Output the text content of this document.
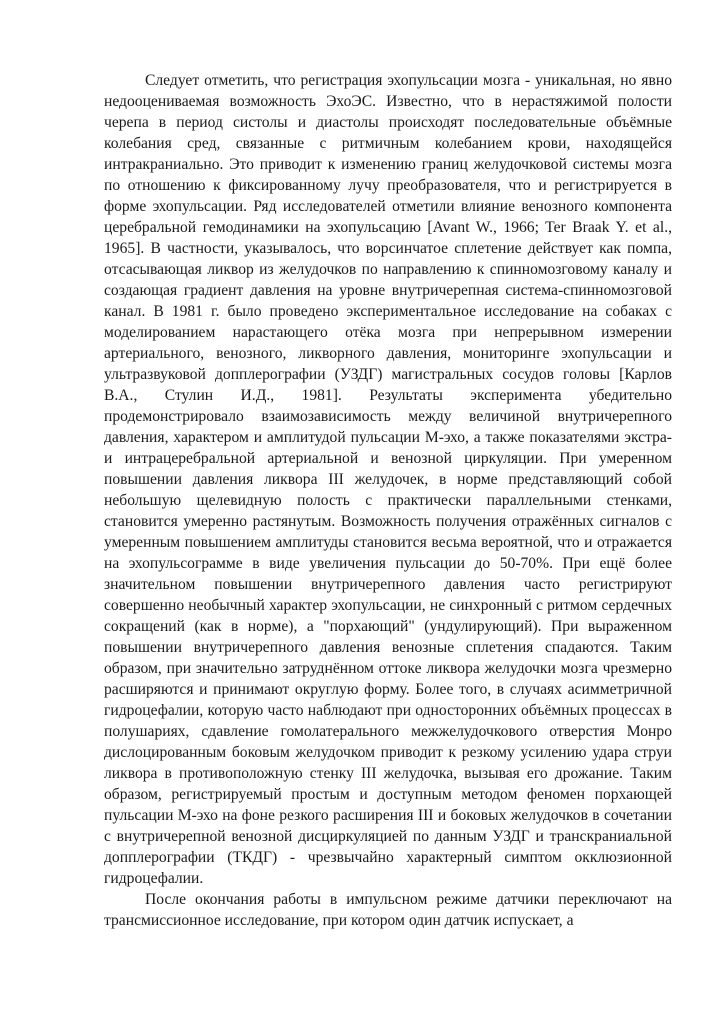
Следует отметить, что регистрация эхопульсации мозга - уникальная, но явно недооцениваемая возможность ЭхоЭС. Известно, что в нерастяжимой полости черепа в период систолы и диастолы происходят последовательные объёмные колебания сред, связанные с ритмичным колебанием крови, находящейся интракраниально. Это приводит к изменению границ желудочковой системы мозга по отношению к фиксированному лучу преобразователя, что и регистрируется в форме эхопульсации. Ряд исследователей отметили влияние венозного компонента церебральной гемодинамики на эхопульсацию [Avant W., 1966; Ter Braak Y. et al., 1965]. В частности, указывалось, что ворсинчатое сплетение действует как помпа, отсасывающая ликвор из желудочков по направлению к спинномозговому каналу и создающая градиент давления на уровне внутричерепная система-спинномозговой канал. В 1981 г. было проведено экспериментальное исследование на собаках с моделированием нарастающего отёка мозга при непрерывном измерении артериального, венозного, ликворного давления, мониторинге эхопульсации и ультразвуковой допплерографии (УЗДГ) магистральных сосудов головы [Карлов В.А., Стулин И.Д., 1981]. Результаты эксперимента убедительно продемонстрировало взаимозависимость между величиной внутричерепного давления, характером и амплитудой пульсации М-эхо, а также показателями экстра- и интрацеребральной артериальной и венозной циркуляции. При умеренном повышении давления ликвора III желудочек, в норме представляющий собой небольшую щелевидную полость с практически параллельными стенками, становится умеренно растянутым. Возможность получения отражённых сигналов с умеренным повышением амплитуды становится весьма вероятной, что и отражается на эхопульсограмме в виде увеличения пульсации до 50-70%. При ещё более значительном повышении внутричерепного давления часто регистрируют совершенно необычный характер эхопульсации, не синхронный с ритмом сердечных сокращений (как в норме), а "порхающий" (ундулирующий). При выраженном повышении внутричерепного давления венозные сплетения спадаются. Таким образом, при значительно затруднённом оттоке ликвора желудочки мозга чрезмерно расширяются и принимают округлую форму. Более того, в случаях асимметричной гидроцефалии, которую часто наблюдают при односторонних объёмных процессах в полушариях, сдавление гомолатерального межжелудочкового отверстия Монро дислоцированным боковым желудочком приводит к резкому усилению удара струи ликвора в противоположную стенку III желудочка, вызывая его дрожание. Таким образом, регистрируемый простым и доступным методом феномен порхающей пульсации М-эхо на фоне резкого расширения III и боковых желудочков в сочетании с внутричерепной венозной дисциркуляцией по данным УЗДГ и транскраниальной допплерографии (ТКДГ) - чрезвычайно характерный симптом окклюзионной гидроцефалии.

После окончания работы в импульсном режиме датчики переключают на трансмиссионное исследование, при котором один датчик испускает, а
